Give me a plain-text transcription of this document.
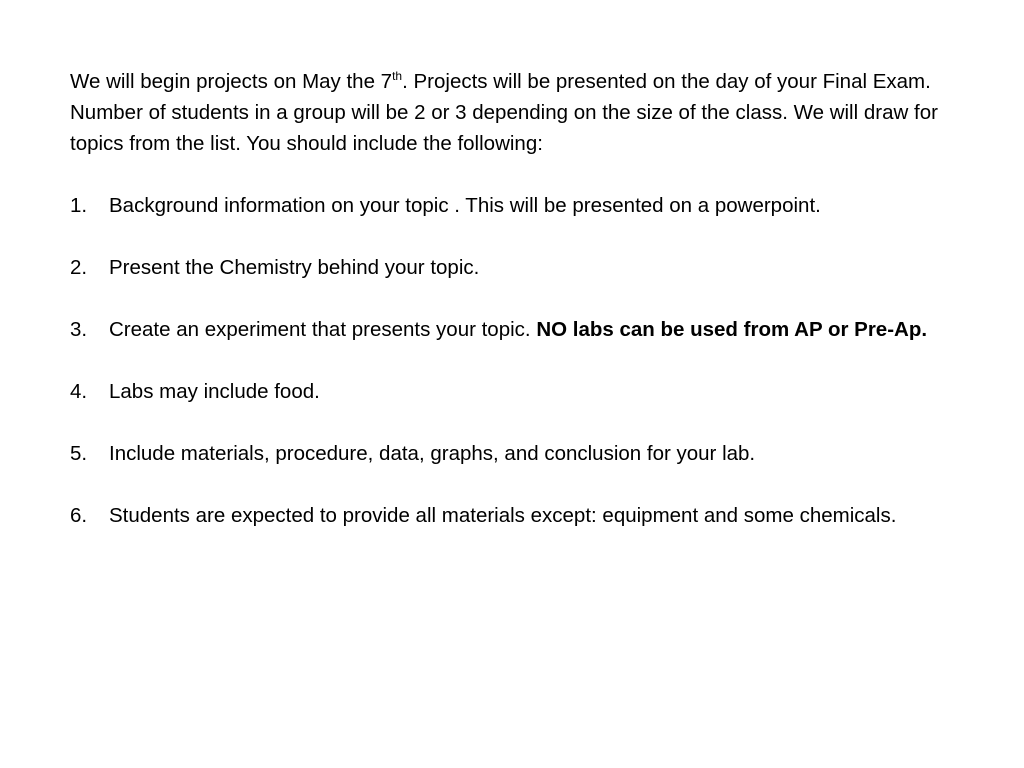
We will begin projects on May the 7th. Projects will be presented on the day of your Final Exam. Number of students in a group will be 2 or 3 depending on the size of the class. We will draw for topics from the list. You should include the following:

1.	Background information on your topic . This will be presented on a powerpoint.
2.	Present the Chemistry behind your topic.
3.	Create an experiment that presents your topic. NO labs can be used from AP or Pre-Ap.
4.	Labs may include food.
5.	Include materials, procedure, data, graphs, and conclusion for your lab.
6.	Students are expected to provide all materials except: equipment and some chemicals.
